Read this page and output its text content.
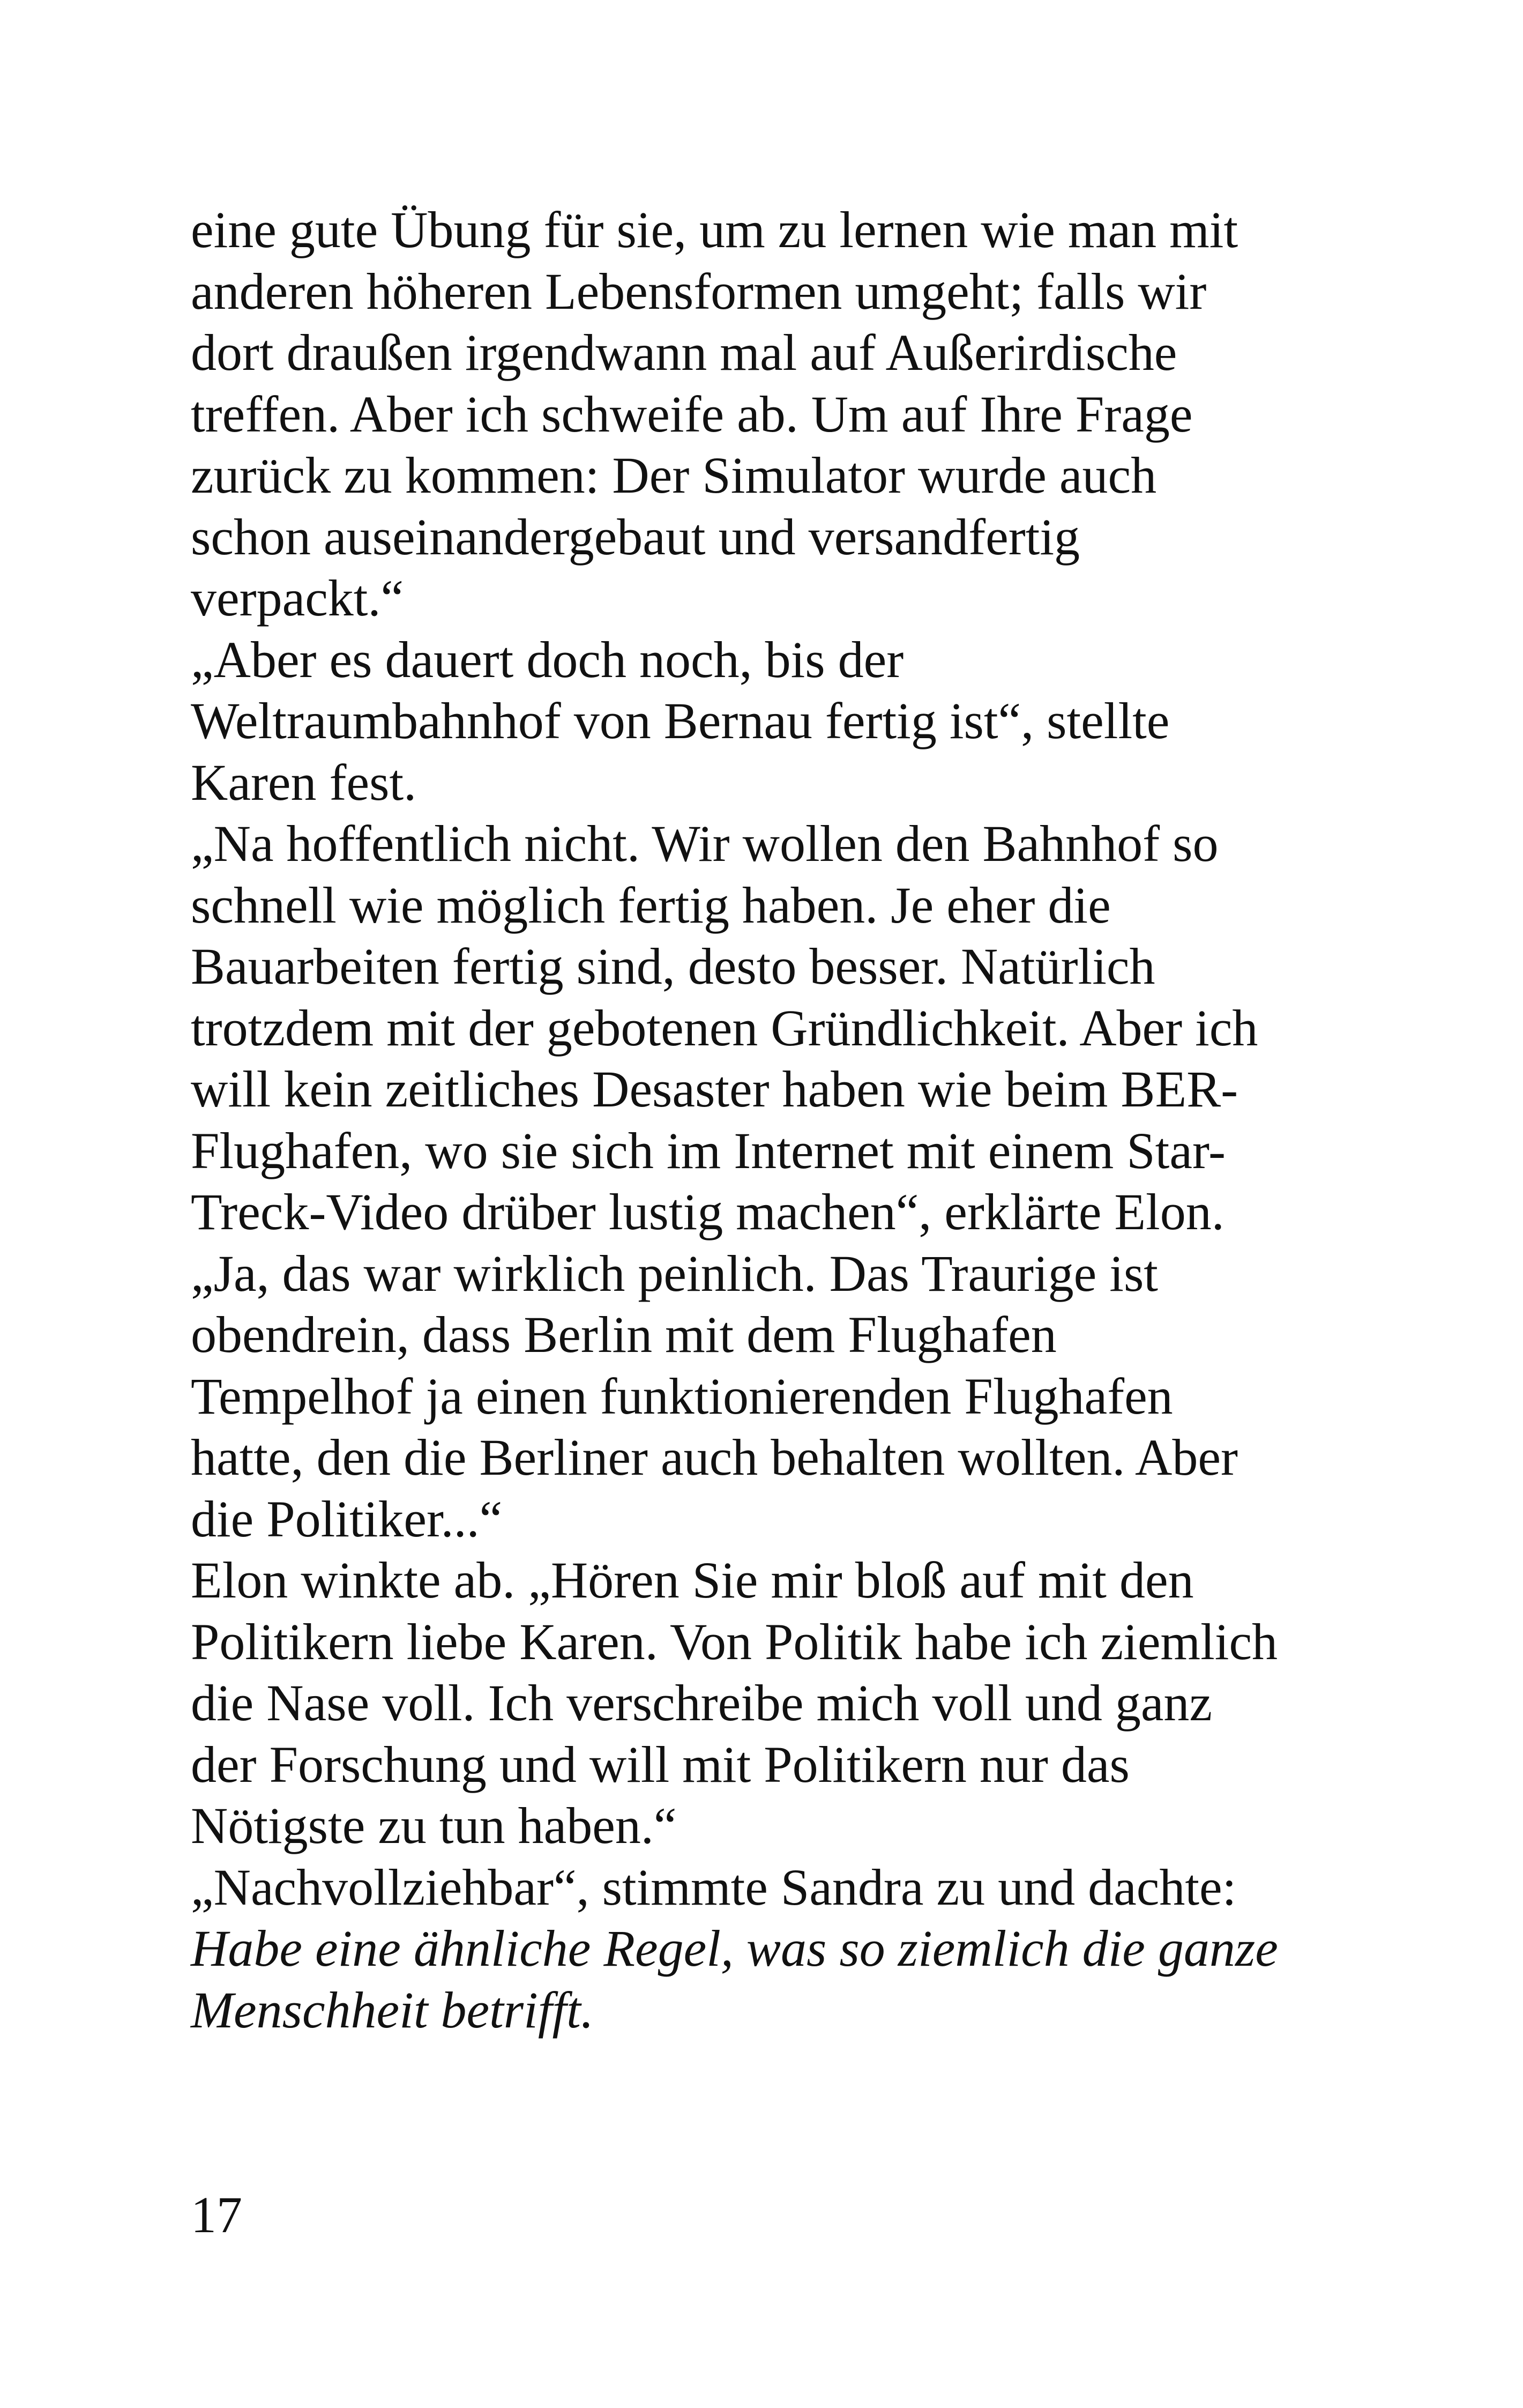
eine gute Übung für sie, um zu lernen wie man mit
anderen höheren Lebensformen umgeht; falls wir
dort draußen irgendwann mal auf Außerirdische
treffen. Aber ich schweife ab. Um auf Ihre Frage
zurück zu kommen: Der Simulator wurde auch
schon auseinandergebaut und versandfertig
verpackt.“
„Aber es dauert doch noch, bis der
Weltraumbahnhof von Bernau fertig ist“, stellte
Karen fest.
„Na hoffentlich nicht. Wir wollen den Bahnhof so
schnell wie möglich fertig haben. Je eher die
Bauarbeiten fertig sind, desto besser. Natürlich
trotzdem mit der gebotenen Gründlichkeit. Aber ich
will kein zeitliches Desaster haben wie beim BER-
Flughafen, wo sie sich im Internet mit einem Star-
Treck-Video drüber lustig machen“, erklärte Elon.
„Ja, das war wirklich peinlich. Das Traurige ist
obendrein, dass Berlin mit dem Flughafen
Tempelhof ja einen funktionierenden Flughafen
hatte, den die Berliner auch behalten wollten. Aber
die Politiker...“
Elon winkte ab. „Hören Sie mir bloß auf mit den
Politikern liebe Karen. Von Politik habe ich ziemlich
die Nase voll. Ich verschreibe mich voll und ganz
der Forschung und will mit Politikern nur das
Nötigste zu tun haben.“
„Nachvollziehbar“, stimmte Sandra zu und dachte:
Habe eine ähnliche Regel, was so ziemlich die ganze
Menschheit betrifft.
17
